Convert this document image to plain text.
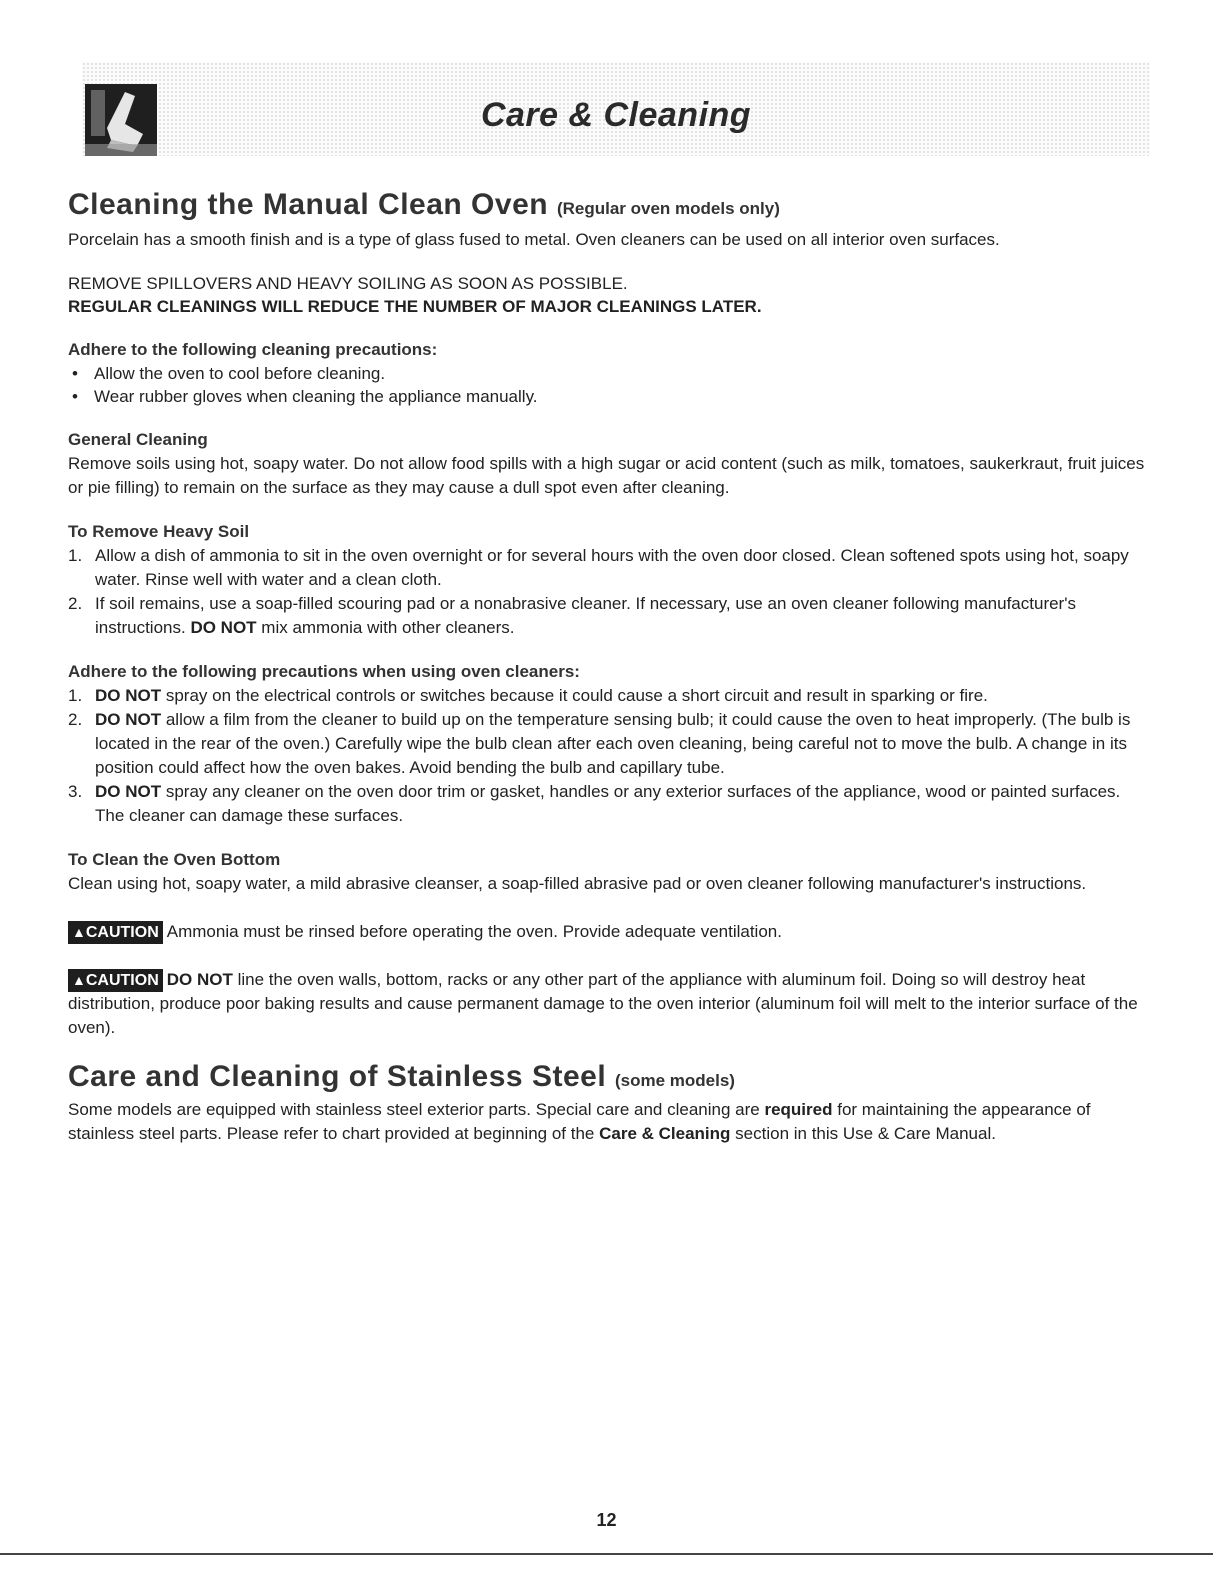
Care & Cleaning
Cleaning the Manual Clean Oven (Regular oven models only)

Porcelain has a smooth finish and is a type of glass fused to metal. Oven cleaners can be used on all interior oven surfaces.

REMOVE SPILLOVERS AND HEAVY SOILING AS SOON AS POSSIBLE.
REGULAR CLEANINGS WILL REDUCE THE NUMBER OF MAJOR CLEANINGS LATER.
Adhere to the following cleaning precautions:
• Allow the oven to cool before cleaning.
• Wear rubber gloves when cleaning the appliance manually.
General Cleaning

Remove soils using hot, soapy water. Do not allow food spills with a high sugar or acid content (such as milk, tomatoes, saukerkraut, fruit juices or pie filling) to remain on the surface as they may cause a dull spot even after cleaning.

To Remove Heavy Soil
1. Allow a dish of ammonia to sit in the oven overnight or for several hours with the oven door closed. Clean softened spots using hot, soapy water. Rinse well with water and a clean cloth.
2. If soil remains, use a soap-filled scouring pad or a nonabrasive cleaner. If necessary, use an oven cleaner following manufacturer's instructions. DO NOT mix ammonia with other cleaners.
Adhere to the following precautions when using oven cleaners:
1. DO NOT spray on the electrical controls or switches because it could cause a short circuit and result in sparking or fire.
2. DO NOT allow a film from the cleaner to build up on the temperature sensing bulb; it could cause the oven to heat improperly. (The bulb is located in the rear of the oven.) Carefully wipe the bulb clean after each oven cleaning, being careful not to move the bulb. A change in its position could affect how the oven bakes. Avoid bending the bulb and capillary tube.
3. DO NOT spray any cleaner on the oven door trim or gasket, handles or any exterior surfaces of the appliance, wood or painted surfaces. The cleaner can damage these surfaces.
To Clean the Oven Bottom

Clean using hot, soapy water, a mild abrasive cleanser, a soap-filled abrasive pad or oven cleaner following manufacturer's instructions.

▲CAUTION Ammonia must be rinsed before operating the oven. Provide adequate ventilation.

▲CAUTION DO NOT line the oven walls, bottom, racks or any other part of the appliance with aluminum foil. Doing so will destroy heat distribution, produce poor baking results and cause permanent damage to the oven interior (aluminum foil will melt to the interior surface of the oven).

Care and Cleaning of Stainless Steel (some models)

Some models are equipped with stainless steel exterior parts. Special care and cleaning are required for maintaining the appearance of stainless steel parts. Please refer to chart provided at beginning of the Care & Cleaning section in this Use & Care Manual.

12
